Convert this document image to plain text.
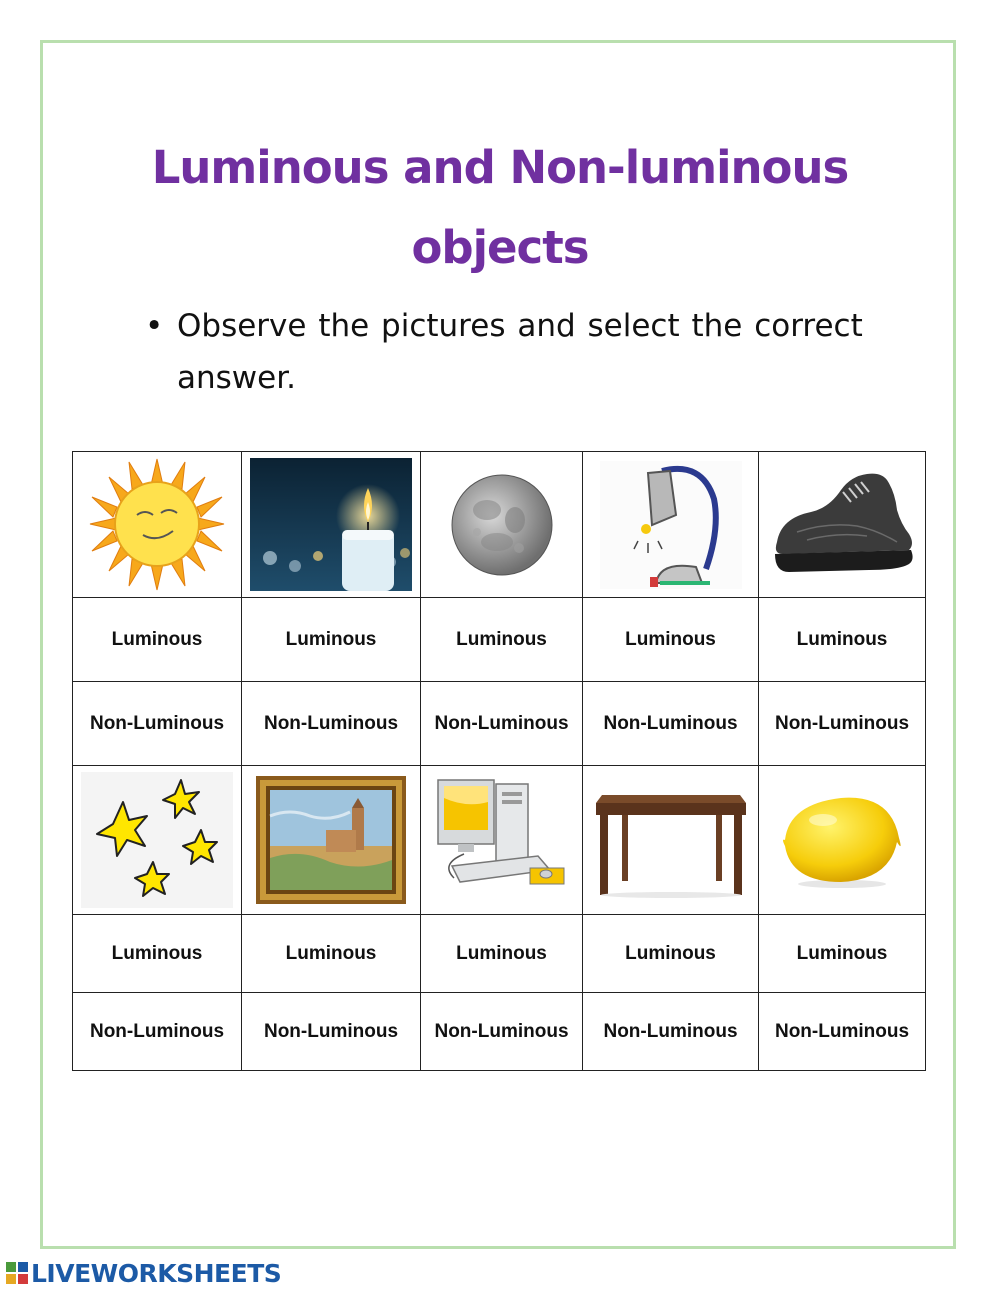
Luminous and Non-luminous
objects
• Observe the pictures and select the correct answer.

Luminous	Luminous	Luminous	Luminous	Luminous
Non-Luminous	Non-Luminous	Non-Luminous	Non-Luminous	Non-Luminous

Luminous	Luminous	Luminous	Luminous	Luminous
Non-Luminous	Non-Luminous	Non-Luminous	Non-Luminous	Non-Luminous
LIVEWORKSHEETS
